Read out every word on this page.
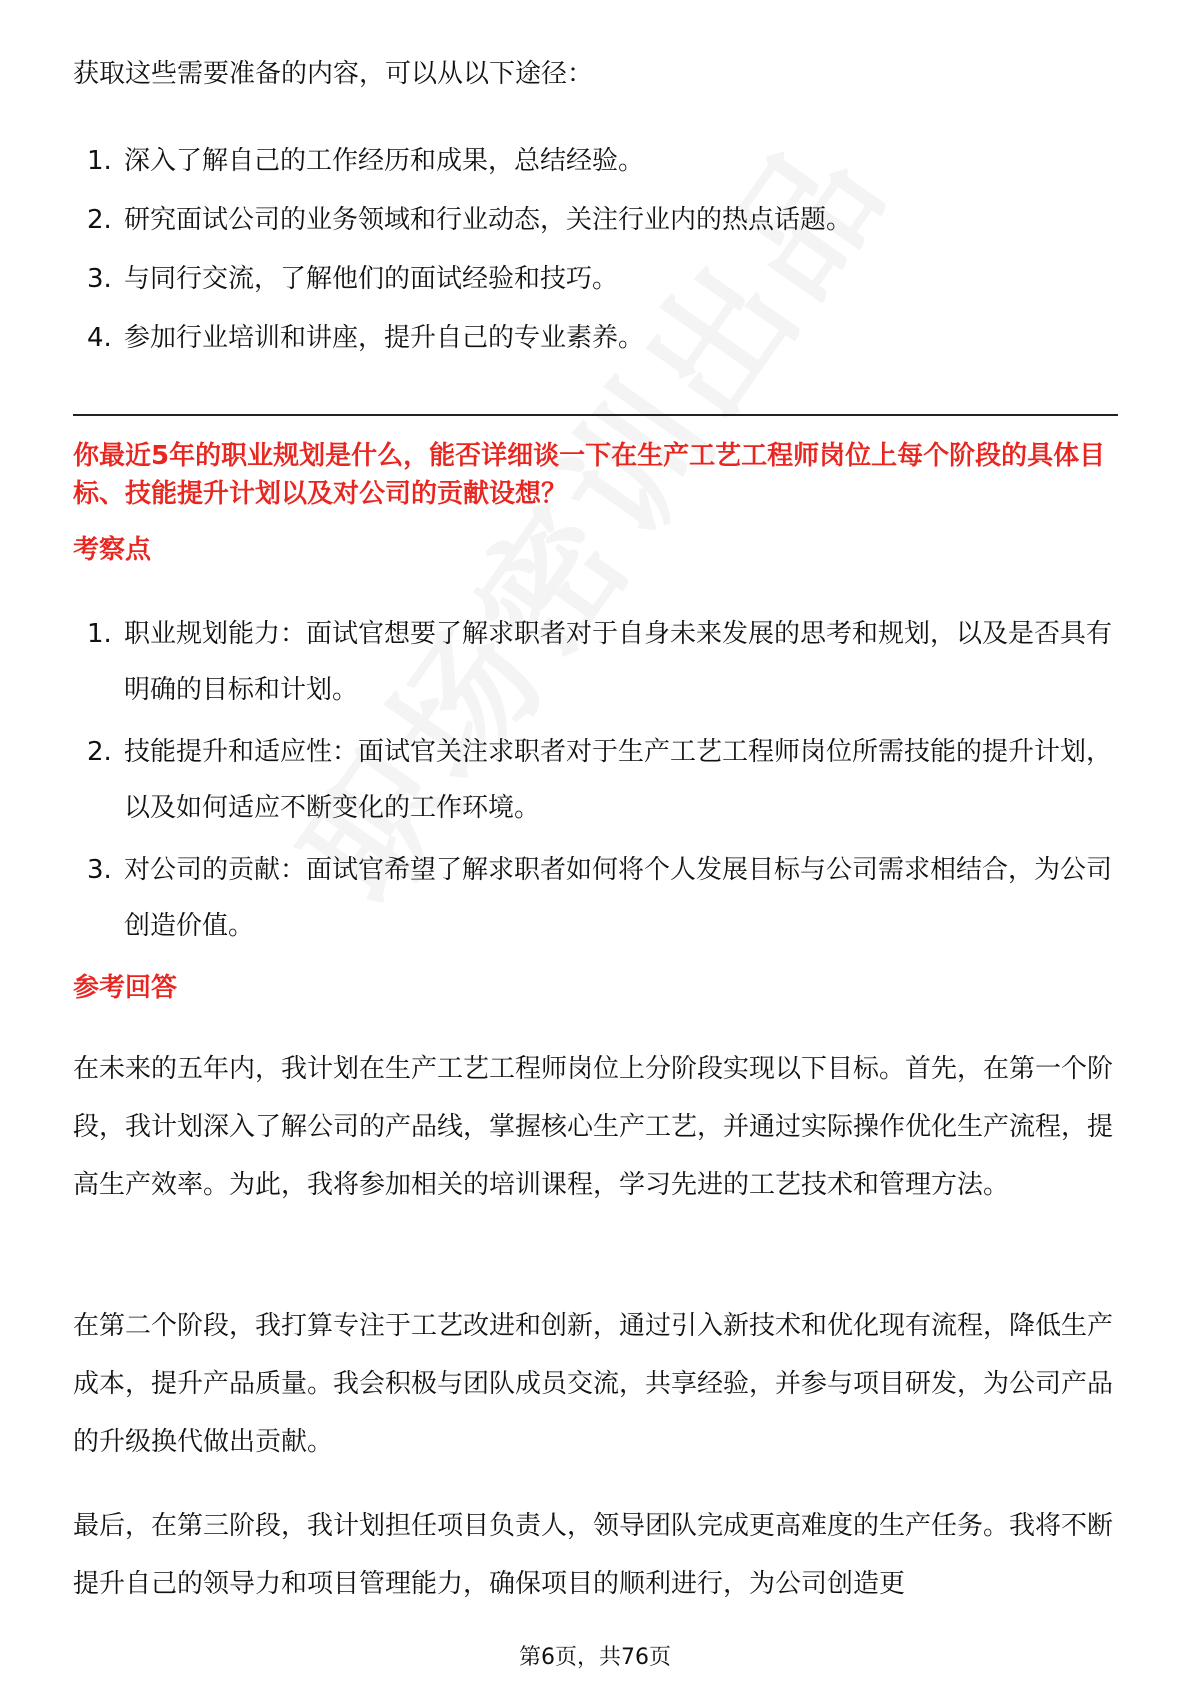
获取这些需要准备的内容，可以从以下途径：
1. 深入了解自己的工作经历和成果，总结经验。
2. 研究面试公司的业务领域和行业动态，关注行业内的热点话题。
3. 与同行交流，了解他们的面试经验和技巧。
4. 参加行业培训和讲座，提升自己的专业素养。
你最近5年的职业规划是什么，能否详细谈一下在生产工艺工程师岗位上每个阶段的具体目标、技能提升计划以及对公司的贡献设想？
考察点
1. 职业规划能力：面试官想要了解求职者对于自身未来发展的思考和规划，以及是否具有明确的目标和计划。
2. 技能提升和适应性：面试官关注求职者对于生产工艺工程师岗位所需技能的提升计划，以及如何适应不断变化的工作环境。
3. 对公司的贡献：面试官希望了解求职者如何将个人发展目标与公司需求相结合，为公司创造价值。
参考回答

在未来的五年内，我计划在生产工艺工程师岗位上分阶段实现以下目标。首先，在第一个阶段，我计划深入了解公司的产品线，掌握核心生产工艺，并通过实际操作优化生产流程，提高生产效率。为此，我将参加相关的培训课程，学习先进的工艺技术和管理方法。

在第二个阶段，我打算专注于工艺改进和创新，通过引入新技术和优化现有流程，降低生产成本，提升产品质量。我会积极与团队成员交流，共享经验，并参与项目研发，为公司产品的升级换代做出贡献。

最后，在第三阶段，我计划担任项目负责人，领导团队完成更高难度的生产任务。我将不断提升自己的领导力和项目管理能力，确保项目的顺利进行，为公司创造更

第6页，共76页
